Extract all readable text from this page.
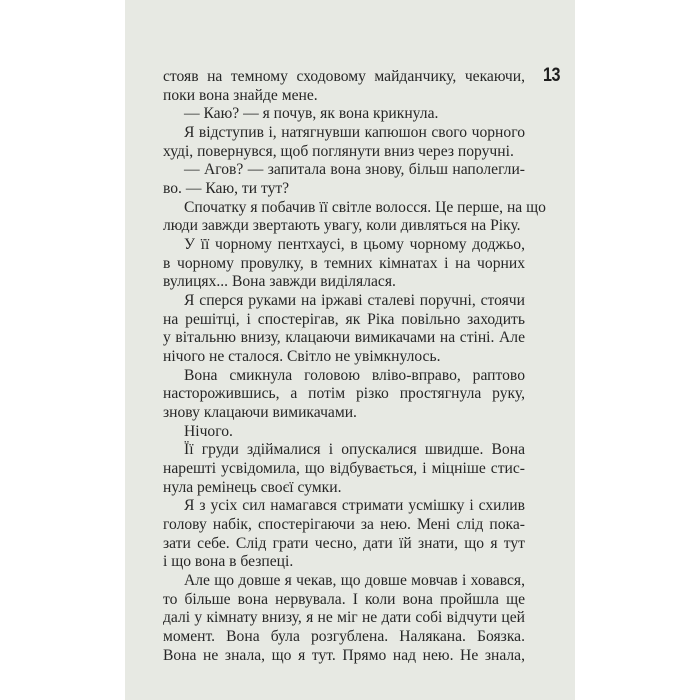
13
стояв на темному сходовому майданчику, чекаючи,
поки вона знайде мене.
— Каю? — я почув, як вона крикнула.
Я відступив і, натягнувши капюшон свого чорного
худі, повернувся, щоб поглянути вниз через поручні.
— Агов? — запитала вона знову, більш наполегли-
во. — Каю, ти тут?
Спочатку я побачив її світле волосся. Це перше, на що
люди завжди звертають увагу, коли дивляться на Ріку.
У її чорному пентхаусі, в цьому чорному доджьо,
в чорному провулку, в темних кімнатах і на чорних
вулицях... Вона завжди виділялася.
Я сперся руками на іржаві сталеві поручні, стоячи
на решітці, і спостерігав, як Ріка повільно заходить
у вітальню внизу, клацаючи вимикачами на стіні. Але
нічого не сталося. Світло не увімкнулось.
Вона смикнула головою вліво-вправо, раптово
насторожившись, а потім різко простягнула руку,
знову клацаючи вимикачами.
Нічого.
Її груди здіймалися і опускалися швидше. Вона
нарешті усвідомила, що відбувається, і міцніше стис-
нула ремінець своєї сумки.
Я з усіх сил намагався стримати усмішку і схилив
голову набік, спостерігаючи за нею. Мені слід пока-
зати себе. Слід грати чесно, дати їй знати, що я тут
і що вона в безпеці.
Але що довше я чекав, що довше мовчав і ховався,
то більше вона нервувала. І коли вона пройшла ще
далі у кімнату внизу, я не міг не дати собі відчути цей
момент. Вона була розгублена. Налякана. Боязка.
Вона не знала, що я тут. Прямо над нею. Не знала,
